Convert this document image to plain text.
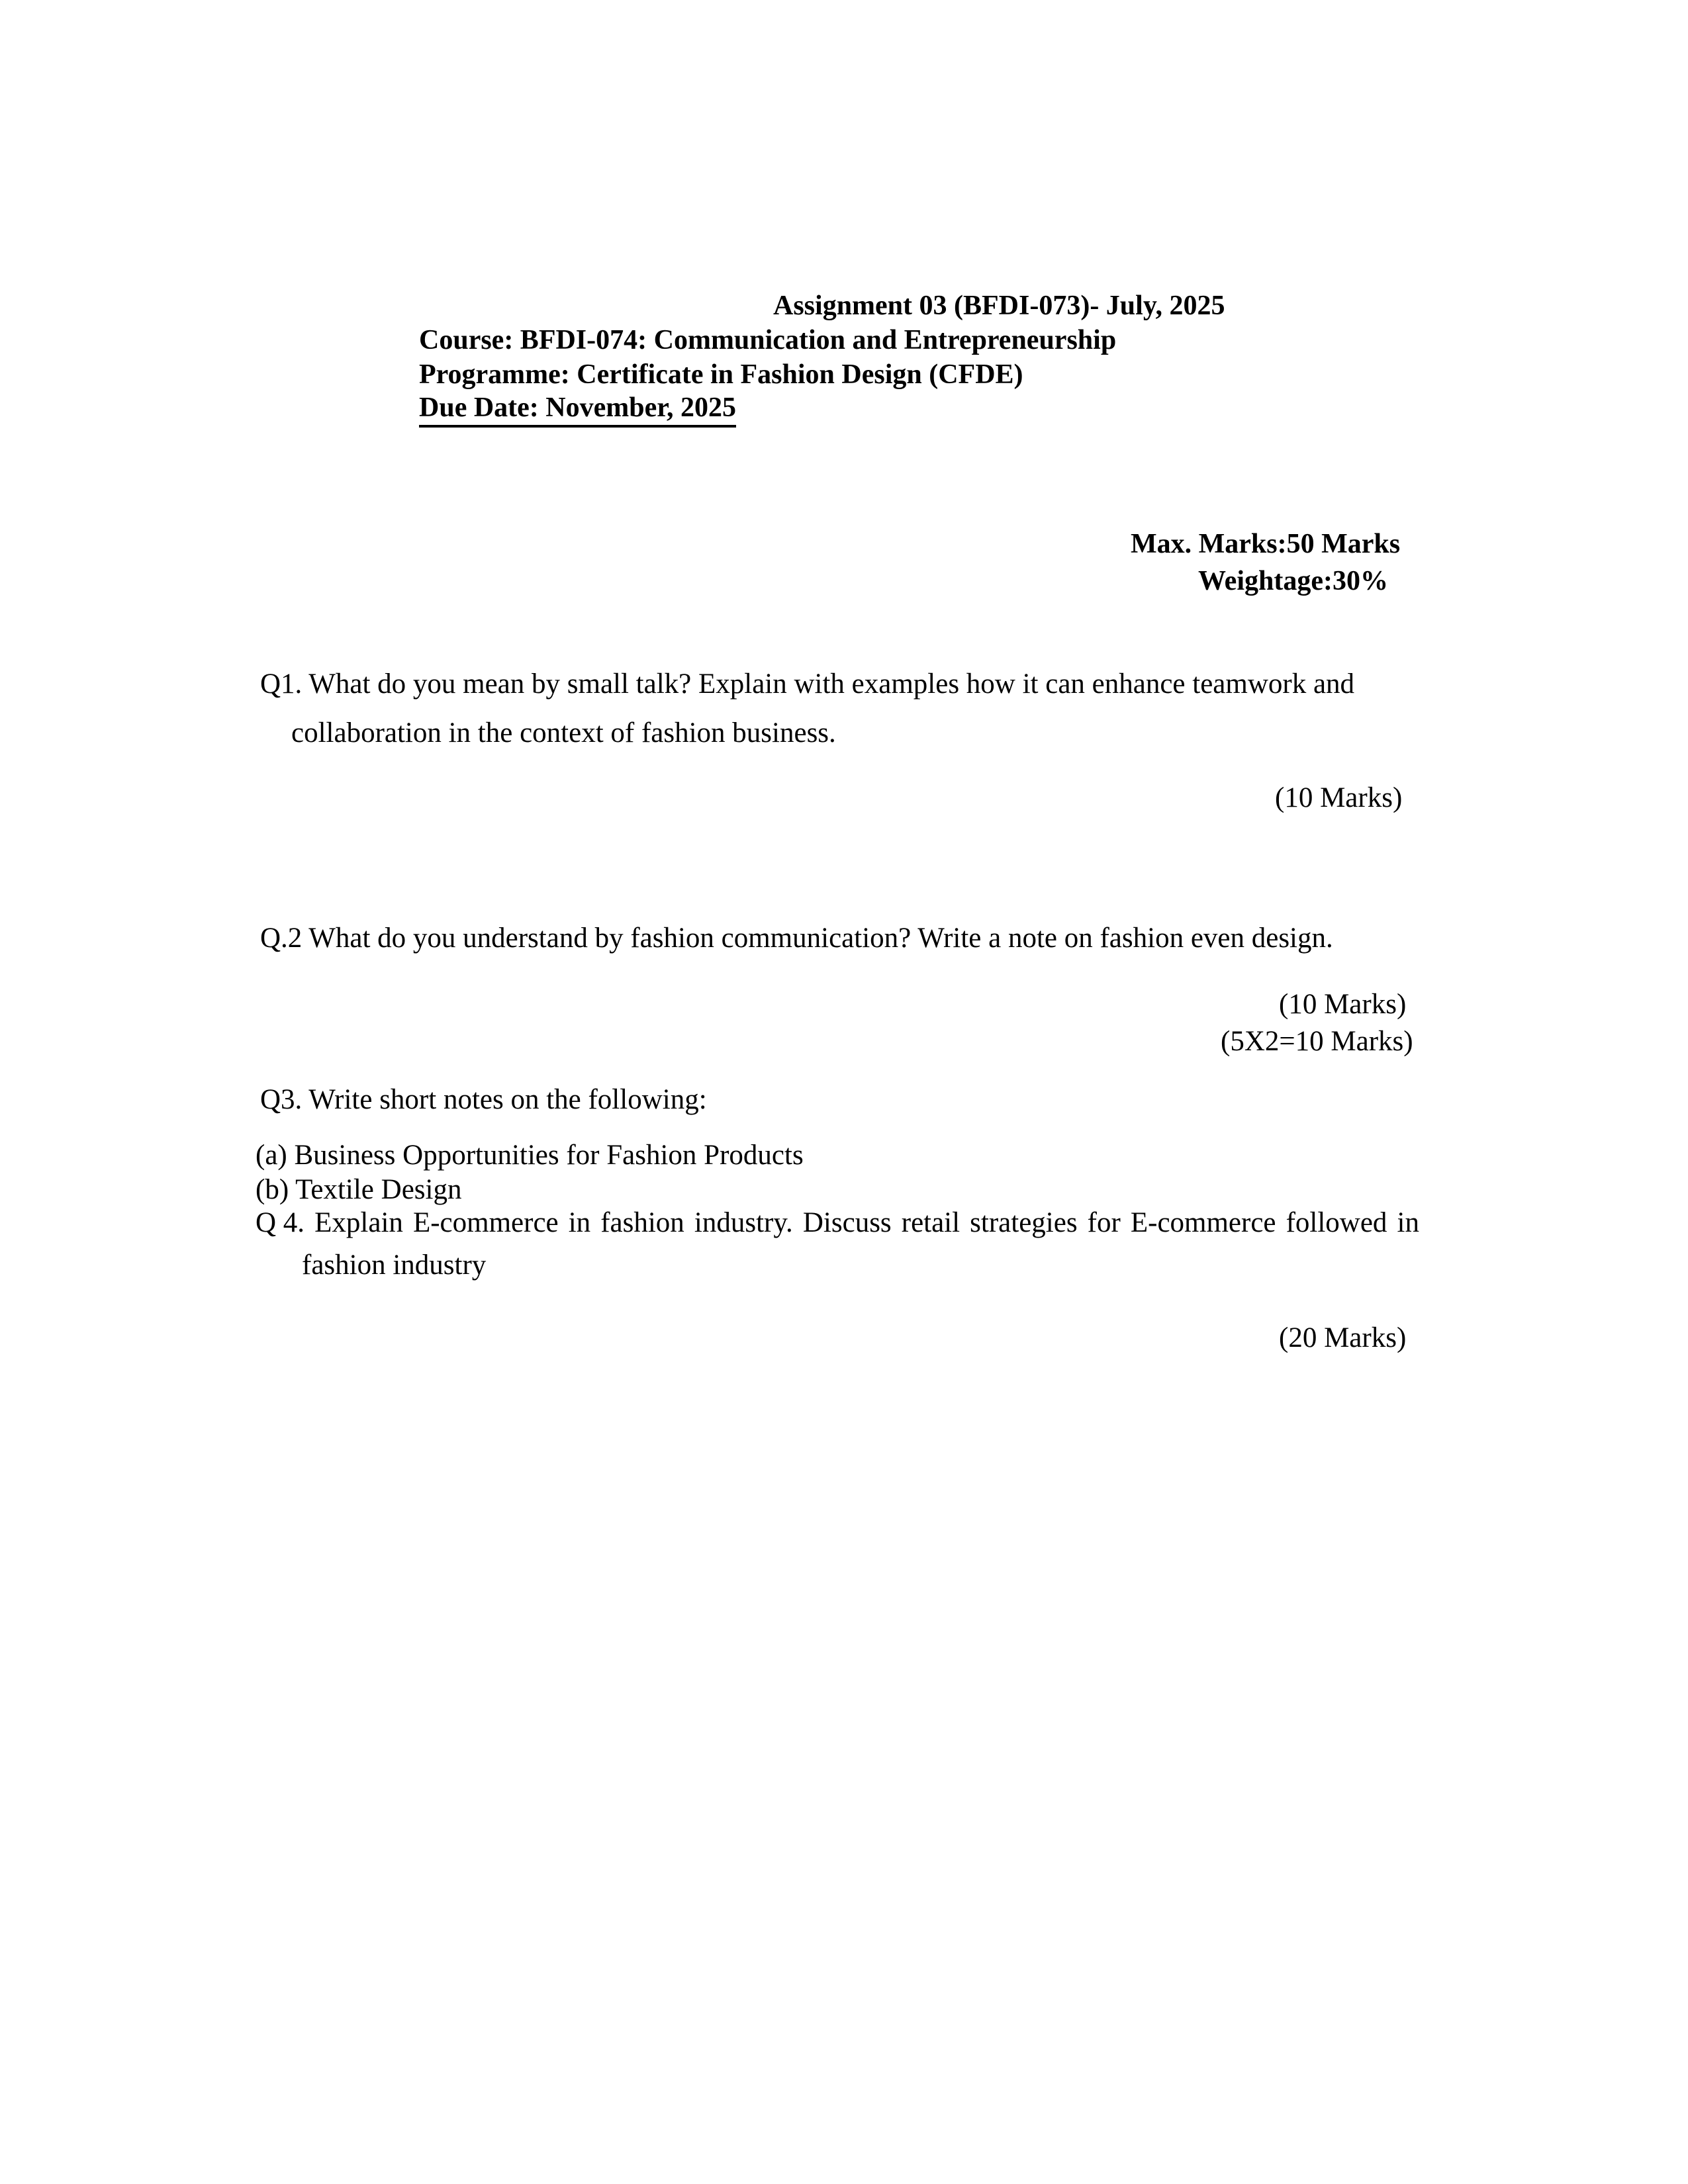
Assignment 03 (BFDI-073)- July, 2025
Course: BFDI-074: Communication and Entrepreneurship
Programme: Certificate in Fashion Design (CFDE)
Due Date: November, 2025
Max. Marks:50 Marks
Weightage:30%
Q1. What do you mean by small talk? Explain with examples how it can enhance teamwork and
collaboration in the context of fashion business.
(10 Marks)
Q.2 What do you understand by fashion communication? Write a note on fashion even design.
(10 Marks)
(5X2=10 Marks)
Q3. Write short notes on the following:
(a) Business Opportunities for Fashion Products
(b) Textile Design
Q 4. Explain E-commerce in fashion industry. Discuss retail strategies for E-commerce followed in
fashion industry
(20 Marks)
